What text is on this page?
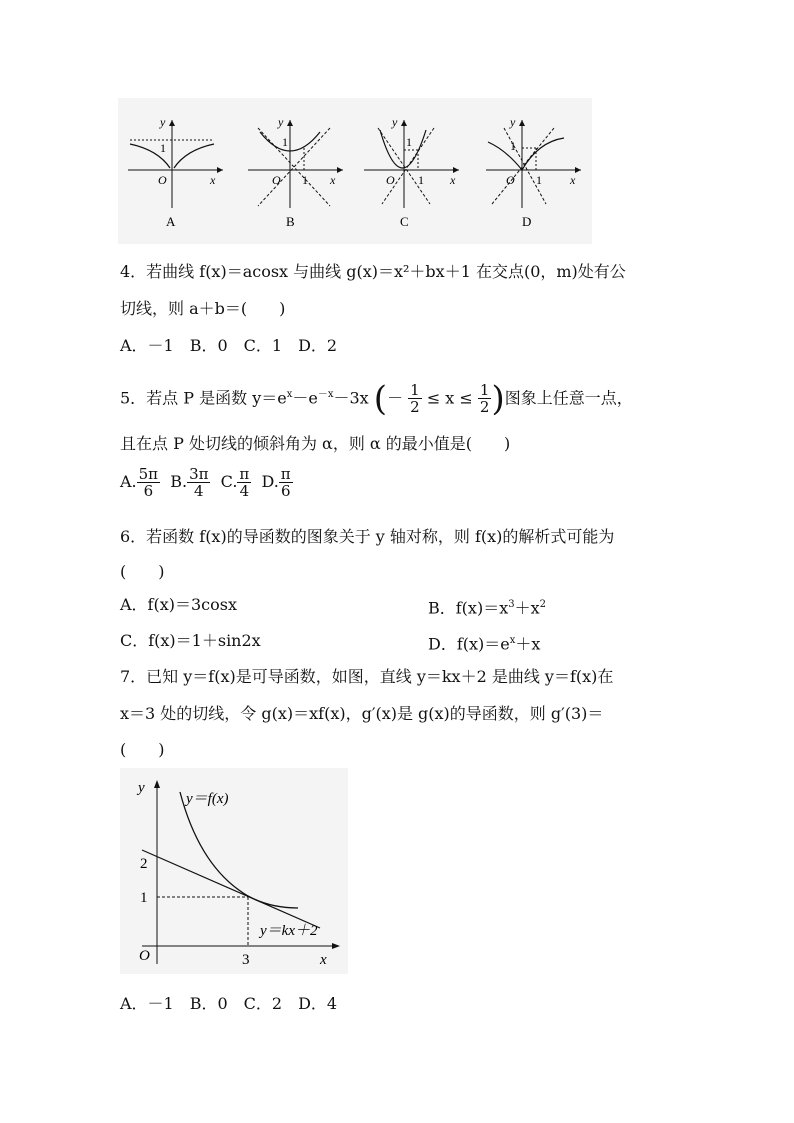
y
1
O	x
A
y
1
O 1 x
B
y
1
O 1 x
C
y
1
O 1 x
D
4．若曲线 f(x)＝acosx 与曲线 g(x)＝x²＋bx＋1 在交点(0，m)处有公
切线，则 a＋b＝(　　)
A．－1　B．0　C．1　D．2
5．若点 P 是函数 $y=e^x-e^{-x}-3x$ (－ $\frac{1}{2} \le x \le \frac{1}{2}$ )图象上任意一点，
且在点 P 处切线的倾斜角为 α，则 α 的最小值是(　　)
A. $\frac{5\pi}{6} B$. $\frac{3\pi}{4} C$. $\frac{\pi}{4} D$. $\frac{\pi}{6}$
6．若函数 f(x)的导函数的图象关于 y 轴对称，则 f(x)的解析式可能为
(　　)
A．f(x)＝3cosx	B．$f(x)=x^3+x^2$
C．f(x)＝1＋sin2x	D．$f(x)=e^x+x$
7．已知 y＝f(x)是可导函数，如图，直线 y＝kx＋2 是曲线 y＝f(x)在
x＝3 处的切线，令 g(x)＝xf(x)，g′(x)是 g(x)的导函数，则 g′(3)＝
(　　)
y
x
O
y＝f(x)
y＝kx＋2
2
1
3
A．－1　B．0　C．2　D．4
